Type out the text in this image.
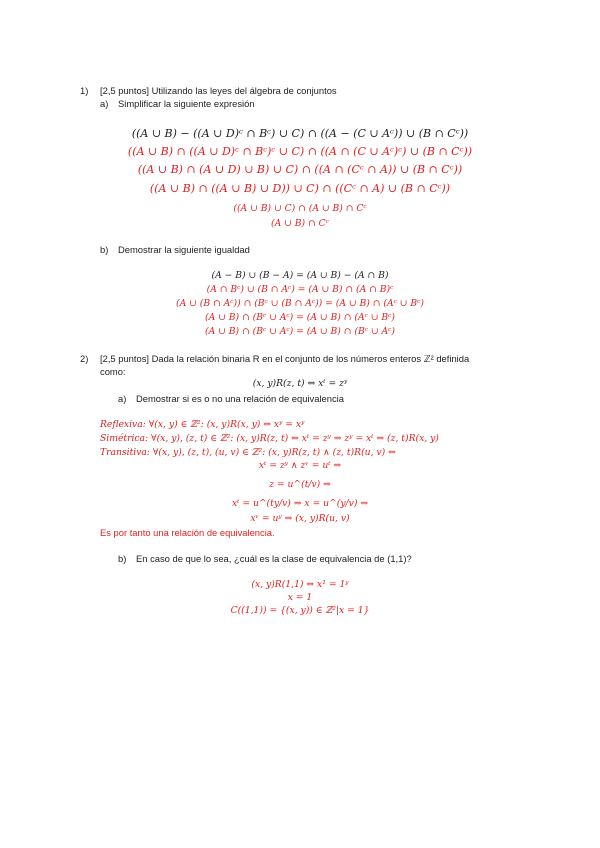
1) [2,5 puntos] Utilizando las leyes del álgebra de conjuntos
a) Simplificar la siguiente expresión
((A ∪ B) − ((A ∪ D)ᶜ ∩ Bᶜ) ∪ C) ∩ ((A − (C ∪ Aᶜ)) ∪ (B ∩ Cᶜ))
((A ∪ B) ∩ ((A ∪ D)ᶜ ∩ Bᶜ)ᶜ ∪ C) ∩ ((A ∩ (C ∪ Aᶜ)ᶜ) ∪ (B ∩ Cᶜ))
((A ∪ B) ∩ (A ∪ D) ∪ B) ∪ C) ∩ ((A ∩ (Cᶜ ∩ A)) ∪ (B ∩ Cᶜ))
((A ∪ B) ∩ ((A ∪ B) ∪ D)) ∪ C) ∩ ((Cᶜ ∩ A) ∪ (B ∩ Cᶜ))
((A ∪ B) ∪ C) ∩ (A ∪ B) ∩ Cᶜ
(A ∪ B) ∩ Cᶜ
b) Demostrar la siguiente igualdad
(A − B) ∪ (B − A) = (A ∪ B) − (A ∩ B)
(A ∩ Bᶜ) ∪ (B ∩ Aᶜ) = (A ∪ B) ∩ (A ∩ B)ᶜ
(A ∪ (B ∩ Aᶜ)) ∩ (Bᶜ ∪ (B ∩ Aᶜ)) = (A ∪ B) ∩ (Aᶜ ∪ Bᶜ)
(A ∪ B) ∩ (Bᶜ ∪ Aᶜ) = (A ∪ B) ∩ (Aᶜ ∪ Bᶜ)
(A ∪ B) ∩ (Bᶜ ∪ Aᶜ) = (A ∪ B) ∩ (Bᶜ ∪ Aᶜ)
2) [2,5 puntos] Dada la relación binaria R en el conjunto de los números enteros ℤ² definida
como:
(x, y)R(z, t) ⇔ xᵗ = zʸ
a) Demostrar si es o no una relación de equivalencia
Reflexiva: ∀(x, y) ∈ ℤ²: (x, y)R(x, y) ⇔ xʸ = xʸ
Simétrica: ∀(x, y), (z, t) ∈ ℤ²: (x, y)R(z, t) ⇔ xᵗ = zʸ ⇒ zʸ = xᵗ ⇒ (z, t)R(x, y)
Transitiva: ∀(x, y), (z, t), (u, v) ∈ ℤ²: (x, y)R(z, t) ∧ (z, t)R(u, v) ⇔
xᵗ = zʸ ∧ zᵛ = uᵗ ⇒
z = u^(t/v) ⇒
xᵗ = u^(ty/v) ⇒ x = u^(y/v) ⇒
xᵛ = uʸ ⇒ (x, y)R(u, v)
Es por tanto una relación de equivalencia.
b) En caso de que lo sea, ¿cuál es la clase de equivalencia de (1,1)?
(x, y)R(1,1) ⇔ x¹ = 1ʸ
x = 1
C((1,1)) = {(x, y)) ∈ ℤ²|x = 1}
